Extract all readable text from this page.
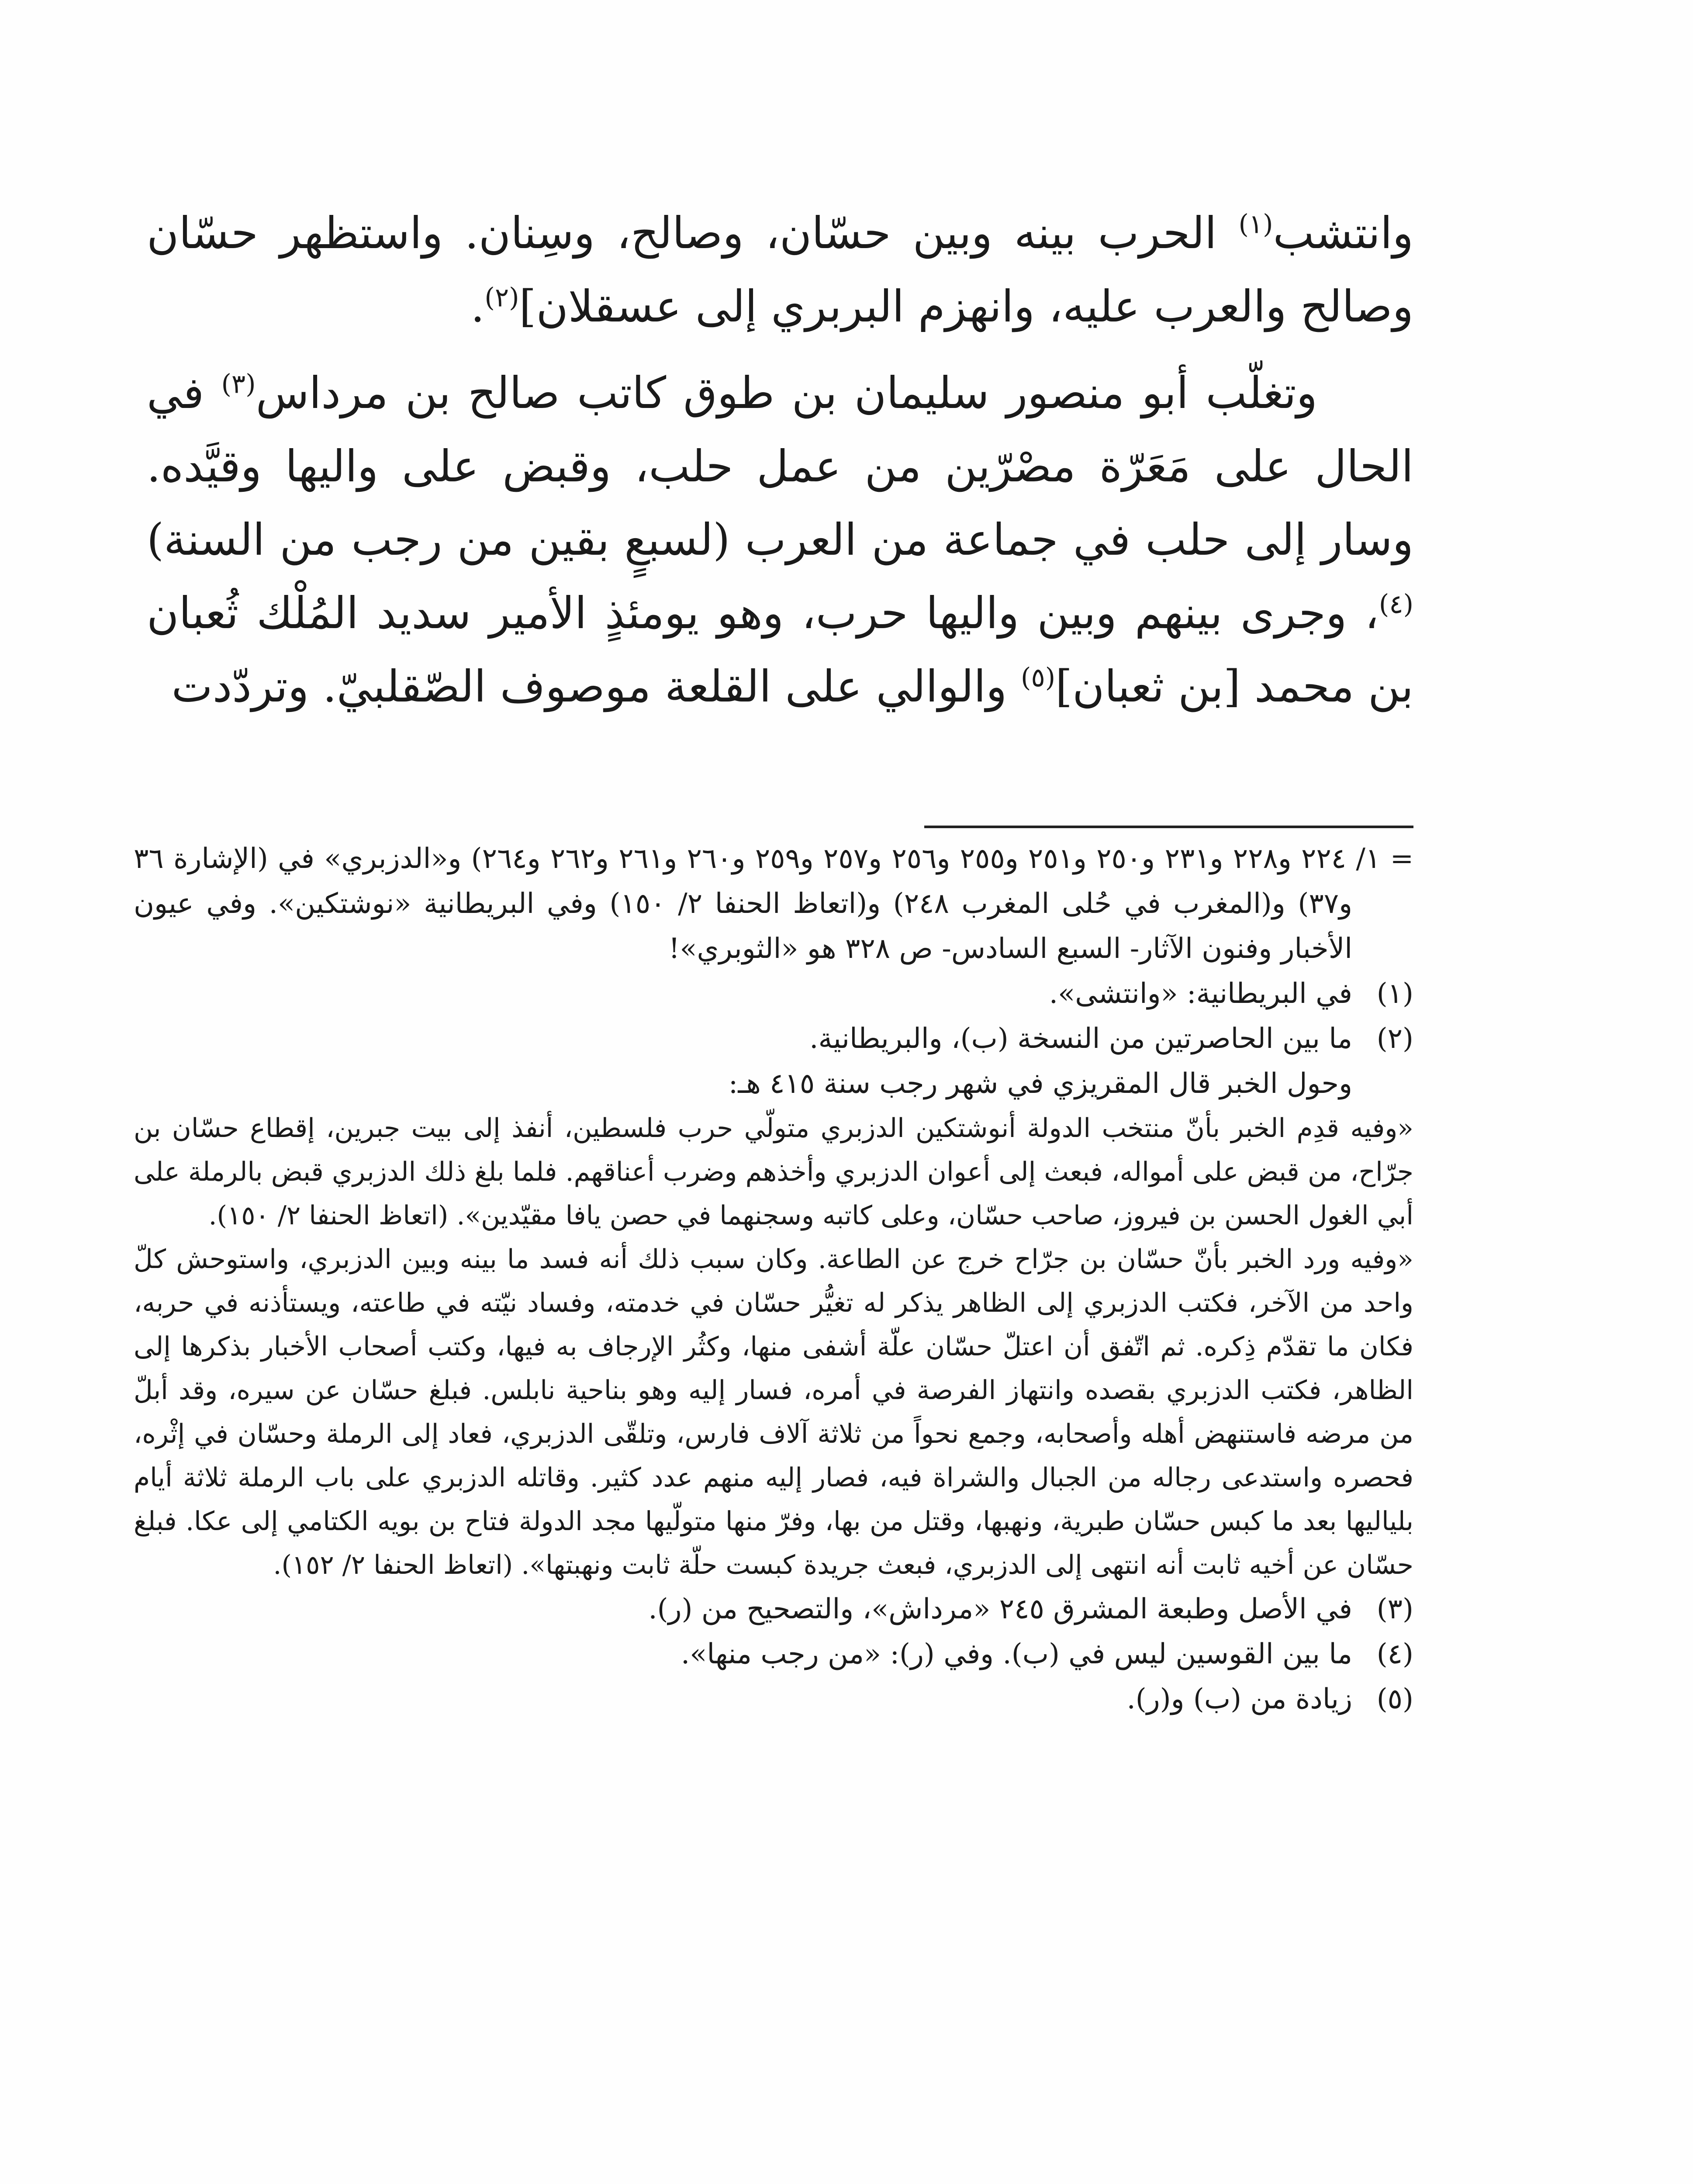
وانتشب$^{(١)}$ الحرب بينه وبين حسّان، وصالح، وسِنان. واستظهر حسّان وصالح والعرب عليه، وانهزم البربري إلى عسقلان]$^{(٢)}$.

وتغلّب أبو منصور سليمان بن طوق كاتب صالح بن مرداس$^{(٣)}$ في الحال على مَعَرّة مصْرّين من عمل حلب، وقبض على واليها وقيَّده. وسار إلى حلب في جماعة من العرب (لسبعٍ بقين من رجب من السنة)$^{(٤)}$، وجرى بينهم وبين واليها حرب، وهو يومئذٍ الأمير سديد المُلْك ثُعبان بن محمد [بن ثعبان]$^{(٥)}$ والوالي على القلعة موصوف الصّقلبيّ. وتردّدت

= ١/ ٢٢٤ و٢٢٨ و٢٣١ و٢٥٠ و٢٥١ و٢٥٥ و٢٥٦ و٢٥٧ و٢٥٩ و٢٦٠ و٢٦١ و٢٦٢ و٢٦٤) و«الدزبري» في (الإشارة ٣٦ و٣٧) و(المغرب في حُلى المغرب ٢٤٨) و(اتعاظ الحنفا ٢/ ١٥٠) وفي البريطانية «نوشتكين». وفي عيون الأخبار وفنون الآثار- السبع السادس- ص ٣٢٨ هو «الثوبري»!

(١)
في البريطانية: «وانتشى».
(٢)
ما بين الحاصرتين من النسخة (ب)، والبريطانية.

وحول الخبر قال المقريزي في شهر رجب سنة ٤١٥ هـ:

«وفيه قدِم الخبر بأنّ منتخب الدولة أنوشتكين الدزبري متولّي حرب فلسطين، أنفذ إلى بيت جبرين، إقطاع حسّان بن جرّاح، من قبض على أمواله، فبعث إلى أعوان الدزبري وأخذهم وضرب أعناقهم. فلما بلغ ذلك الدزبري قبض بالرملة على أبي الغول الحسن بن فيروز، صاحب حسّان، وعلى كاتبه وسجنهما في حصن يافا مقيّدين». (اتعاظ الحنفا ٢/ ١٥٠).

«وفيه ورد الخبر بأنّ حسّان بن جرّاح خرج عن الطاعة. وكان سبب ذلك أنه فسد ما بينه وبين الدزبري، واستوحش كلّ واحد من الآخر، فكتب الدزبري إلى الظاهر يذكر له تغيُّر حسّان في خدمته، وفساد نيّته في طاعته، ويستأذنه في حربه، فكان ما تقدّم ذِكره. ثم اتّفق أن اعتلّ حسّان علّة أشفى منها، وكثُر الإرجاف به فيها، وكتب أصحاب الأخبار بذكرها إلى الظاهر، فكتب الدزبري بقصده وانتهاز الفرصة في أمره، فسار إليه وهو بناحية نابلس. فبلغ حسّان عن سيره، وقد أبلّ من مرضه فاستنهض أهله وأصحابه، وجمع نحواً من ثلاثة آلاف فارس، وتلقّى الدزبري، فعاد إلى الرملة وحسّان في إثْره، فحصره واستدعى رجاله من الجبال والشراة فيه، فصار إليه منهم عدد كثير. وقاتله الدزبري على باب الرملة ثلاثة أيام بلياليها بعد ما كبس حسّان طبرية، ونهبها، وقتل من بها، وفرّ منها متولّيها مجد الدولة فتاح بن بويه الكتامي إلى عكا. فبلغ حسّان عن أخيه ثابت أنه انتهى إلى الدزبري، فبعث جريدة كبست حلّة ثابت ونهبتها». (اتعاظ الحنفا ٢/ ١٥٢).

(٣)
في الأصل وطبعة المشرق ٢٤٥ «مرداش»، والتصحيح من (ر).
(٤)
ما بين القوسين ليس في (ب). وفي (ر): «من رجب منها».
(٥)
زيادة من (ب) و(ر).
